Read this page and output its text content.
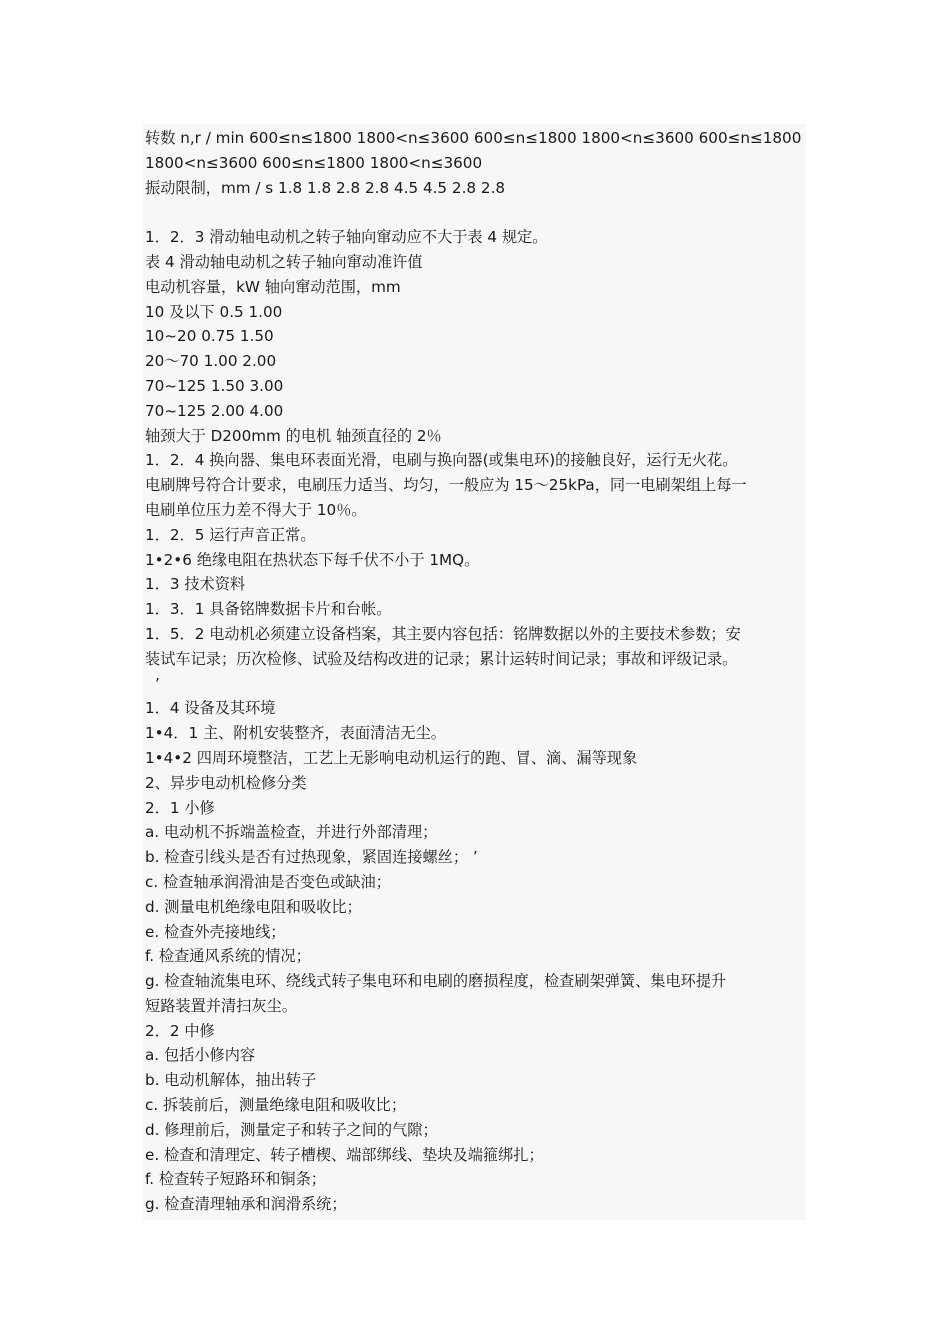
转数 n,r / min 600≤n≤1800 1800<n≤3600 600≤n≤1800 1800<n≤3600 600≤n≤1800
1800<n≤3600 600≤n≤1800 1800<n≤3600
振动限制，mm / s 1.8 1.8 2.8 2.8 4.5 4.5 2.8 2.8
1．2．3 滑动轴电动机之转子轴向窜动应不大于表 4 规定。
表 4 滑动轴电动机之转子轴向窜动准许值
电动机容量，kW 轴向窜动范围，mm
10 及以下 0.5 1.00
10~20 0.75 1.50
20～70 1.00 2.00
70~125 1.50 3.00
70~125 2.00 4.00
轴颈大于 D200mm 的电机 轴颈直径的 2％
1．2．4 换向器、集电环表面光滑，电刷与换向器(或集电环)的接触良好，运行无火花。
电刷牌号符合计要求，电刷压力适当、均匀，一般应为 15～25kPa，同一电刷架组上每一
电刷单位压力差不得大于 10％。
1．2．5 运行声音正常。
1•2•6 绝缘电阻在热状态下每千伏不小于 1MQ。
1．3 技术资料
1．3．1 具备铭牌数据卡片和台帐。
1．5．2 电动机必须建立设备档案，其主要内容包括：铭牌数据以外的主要技术参数；安
装试车记录；历次检修、试验及结构改进的记录；累计运转时间记录；事故和评级记录。
’
1．4 设备及其环境
1•4．1 主、附机安装整齐，表面清洁无尘。
1•4•2 四周环境整洁，工艺上无影响电动机运行的跑、冒、滴、漏等现象
2、异步电动机检修分类
2．1 小修
a. 电动机不拆端盖检查，并进行外部清理；
b. 检查引线头是否有过热现象，紧固连接螺丝； ’
c. 检查轴承润滑油是否变色或缺油；
d. 测量电机绝缘电阻和吸收比；
e. 检查外壳接地线；
f. 检查通风系统的情况；
g. 检查轴流集电环、绕线式转子集电环和电刷的磨损程度，检查刷架弹簧、集电环提升
短路装置并清扫灰尘。
2．2 中修
a. 包括小修内容
b. 电动机解体，抽出转子
c. 拆装前后，测量绝缘电阻和吸收比；
d. 修理前后，测量定子和转子之间的气隙；
e. 检查和清理定、转子槽楔、端部绑线、垫块及端箍绑扎；
f. 检查转子短路环和铜条；
g. 检查清理轴承和润滑系统；
